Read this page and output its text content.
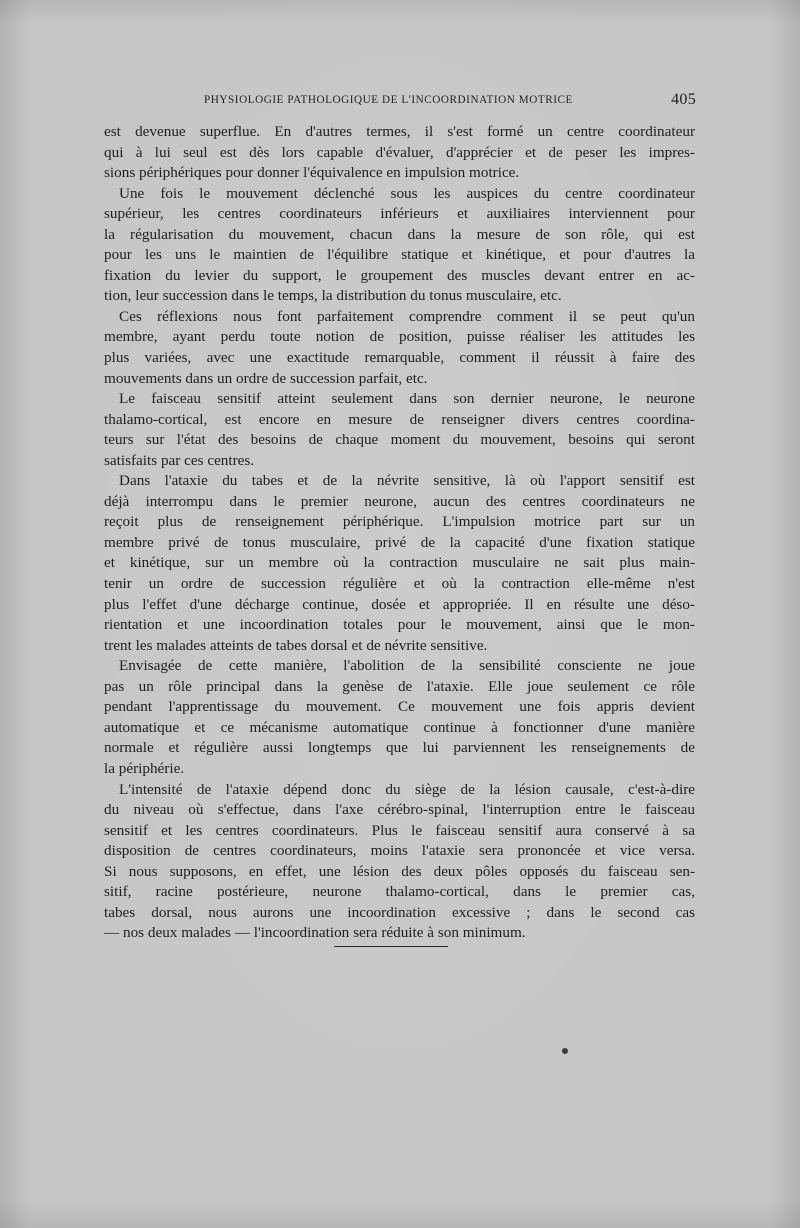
PHYSIOLOGIE PATHOLOGIQUE DE L'INCOORDINATION MOTRICE	405
est devenue superflue. En d'autres termes, il s'est formé un centre coordinateur
qui à lui seul est dès lors capable d'évaluer, d'apprécier et de peser les impres-
sions périphériques pour donner l'équivalence en impulsion motrice.
Une fois le mouvement déclenché sous les auspices du centre coordinateur
supérieur, les centres coordinateurs inférieurs et auxiliaires interviennent pour
la régularisation du mouvement, chacun dans la mesure de son rôle, qui est
pour les uns le maintien de l'équilibre statique et kinétique, et pour d'autres la
fixation du levier du support, le groupement des muscles devant entrer en ac-
tion, leur succession dans le temps, la distribution du tonus musculaire, etc.
Ces réflexions nous font parfaitement comprendre comment il se peut qu'un
membre, ayant perdu toute notion de position, puisse réaliser les attitudes les
plus variées, avec une exactitude remarquable, comment il réussit à faire des
mouvements dans un ordre de succession parfait, etc.
Le faisceau sensitif atteint seulement dans son dernier neurone, le neurone
thalamo-cortical, est encore en mesure de renseigner divers centres coordina-
teurs sur l'état des besoins de chaque moment du mouvement, besoins qui seront
satisfaits par ces centres.
Dans l'ataxie du tabes et de la névrite sensitive, là où l'apport sensitif est
déjà interrompu dans le premier neurone, aucun des centres coordinateurs ne
reçoit plus de renseignement périphérique. L'impulsion motrice part sur un
membre privé de tonus musculaire, privé de la capacité d'une fixation statique
et kinétique, sur un membre où la contraction musculaire ne sait plus main-
tenir un ordre de succession régulière et où la contraction elle-même n'est
plus l'effet d'une décharge continue, dosée et appropriée. Il en résulte une déso-
rientation et une incoordination totales pour le mouvement, ainsi que le mon-
trent les malades atteints de tabes dorsal et de névrite sensitive.
Envisagée de cette manière, l'abolition de la sensibilité consciente ne joue
pas un rôle principal dans la genèse de l'ataxie. Elle joue seulement ce rôle
pendant l'apprentissage du mouvement. Ce mouvement une fois appris devient
automatique et ce mécanisme automatique continue à fonctionner d'une manière
normale et régulière aussi longtemps que lui parviennent les renseignements de
la périphérie.
L'intensité de l'ataxie dépend donc du siège de la lésion causale, c'est-à-dire
du niveau où s'effectue, dans l'axe cérébro-spinal, l'interruption entre le faisceau
sensitif et les centres coordinateurs. Plus le faisceau sensitif aura conservé à sa
disposition de centres coordinateurs, moins l'ataxie sera prononcée et vice versa.
Si nous supposons, en effet, une lésion des deux pôles opposés du faisceau sen-
sitif, racine postérieure, neurone thalamo-cortical, dans le premier cas,
tabes dorsal, nous aurons une incoordination excessive ; dans le second cas
— nos deux malades — l'incoordination sera réduite à son minimum.
